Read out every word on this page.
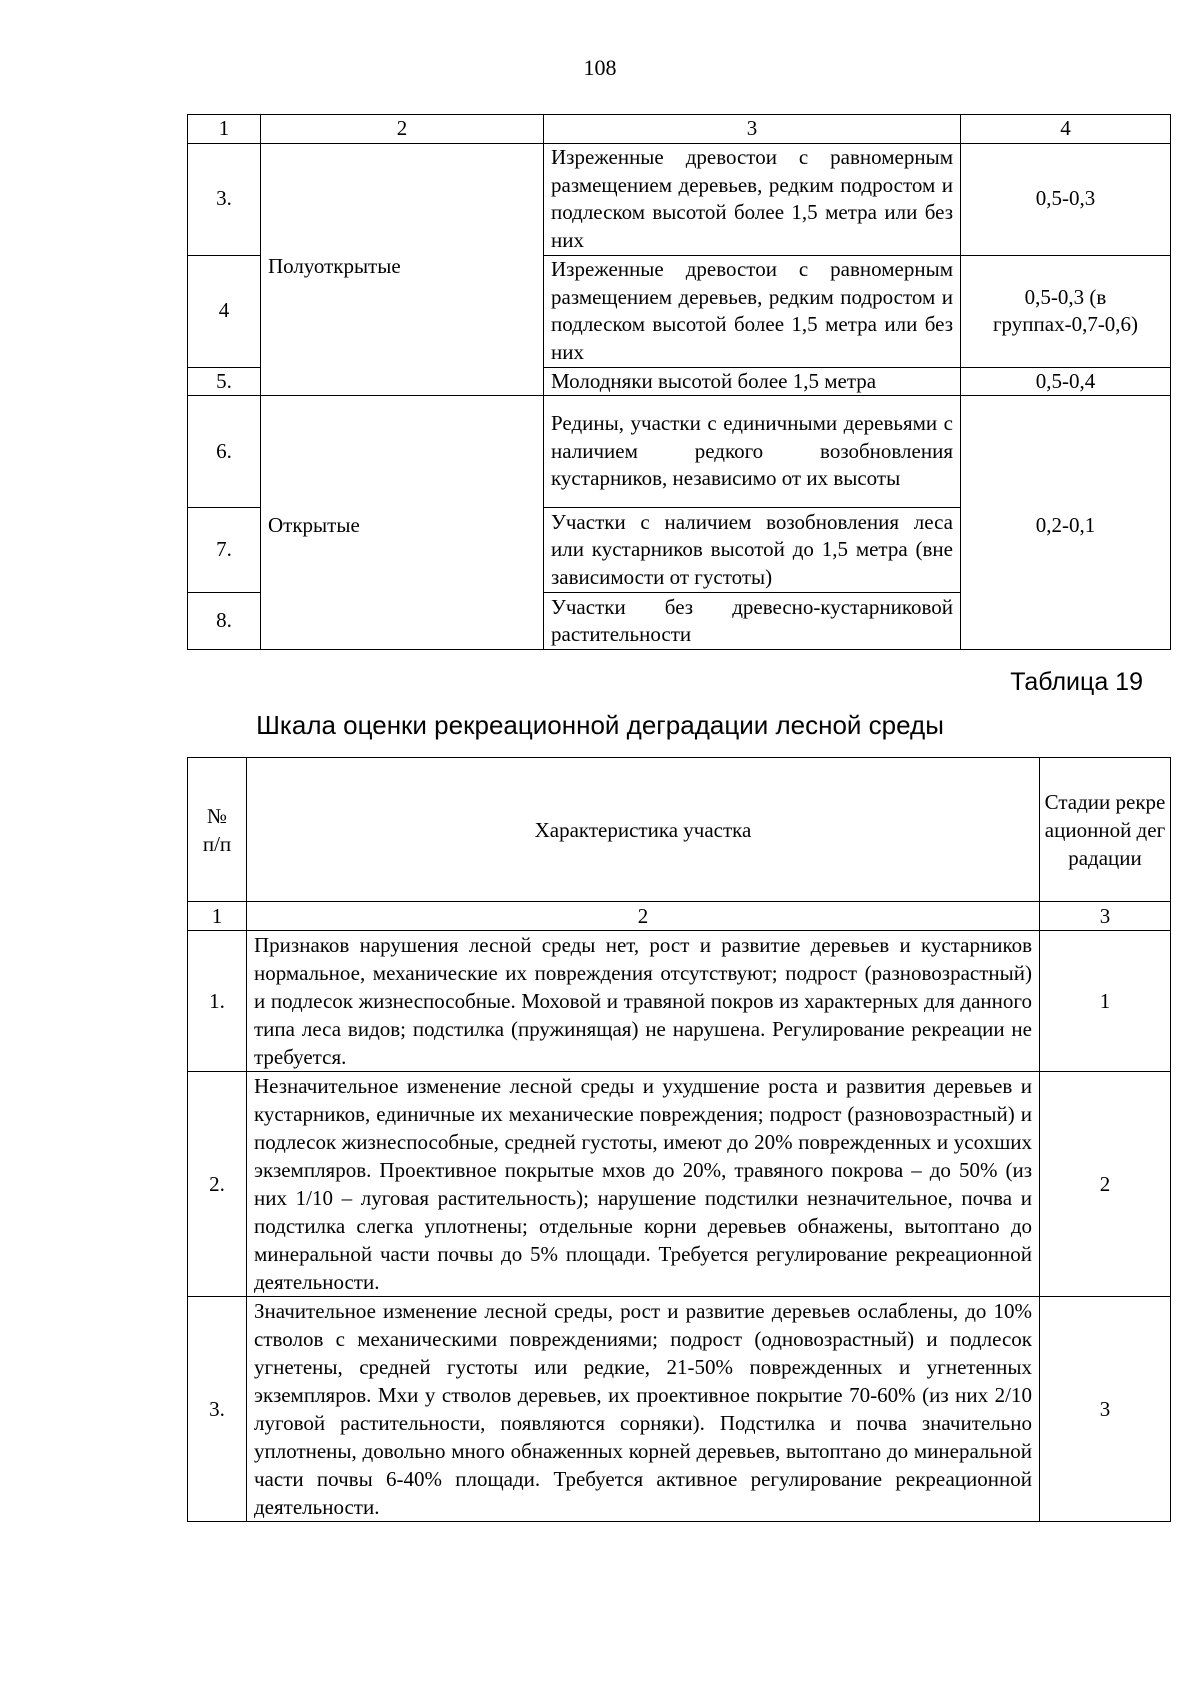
108
1	2	3	4
3.	Полуоткрытые	Изреженные древостои с равномерным размещением деревьев, редким подростом и подлеском высотой более 1,5 метра или без них	0,5-0,3
4		Изреженные древостои с равномерным размещением деревьев, редким подростом и подлеском высотой более 1,5 метра или без них	0,5-0,3 (в группах-0,7-0,6)
5.		Молодняки высотой более 1,5 метра	0,5-0,4
6.	Открытые	Редины, участки с единичными деревьями с наличием редкого возобновления кустарников, независимо от их высоты	0,2-0,1
7.		Участки с наличием возобновления леса или кустарников высотой до 1,5 метра (вне зависимости от густоты)	
8.		Участки без древесно-кустарниковой растительности	
Таблица 19
Шкала оценки рекреационной деградации лесной среды
№ п/п	Характеристика участка	Стадии рекреационной деградации
1	2	3
1.	Признаков нарушения лесной среды нет, рост и развитие деревьев и кустарников нормальное, механические их повреждения отсутствуют; подрост (разновозрастный) и подлесок жизнеспособные. Моховой и травяной покров из характерных для данного типа леса видов; подстилка (пружинящая) не нарушена. Регулирование рекреации не требуется.	1
2.	Незначительное изменение лесной среды и ухудшение роста и развития деревьев и кустарников, единичные их механические повреждения; подрост (разновозрастный) и подлесок жизнеспособные, средней густоты, имеют до 20% поврежденных и усохших экземпляров. Проективное покрытые мхов до 20%, травяного покрова – до 50% (из них 1/10 – луговая растительность); нарушение подстилки незначительное, почва и подстилка слегка уплотнены; отдельные корни деревьев обнажены, вытоптано до минеральной части почвы до 5% площади. Требуется регулирование рекреационной деятельности.	2
3.	Значительное изменение лесной среды, рост и развитие деревьев ослаблены, до 10% стволов с механическими повреждениями; подрост (одновозрастный) и подлесок угнетены, средней густоты или редкие, 21-50% поврежденных и угнетенных экземпляров. Мхи у стволов деревьев, их проективное покрытие 70-60% (из них 2/10 луговой растительности, появляются сорняки). Подстилка и почва значительно уплотнены, довольно много обнаженных корней деревьев, вытоптано до минеральной части почвы 6-40% площади. Требуется активное регулирование рекреационной деятельности.	3
